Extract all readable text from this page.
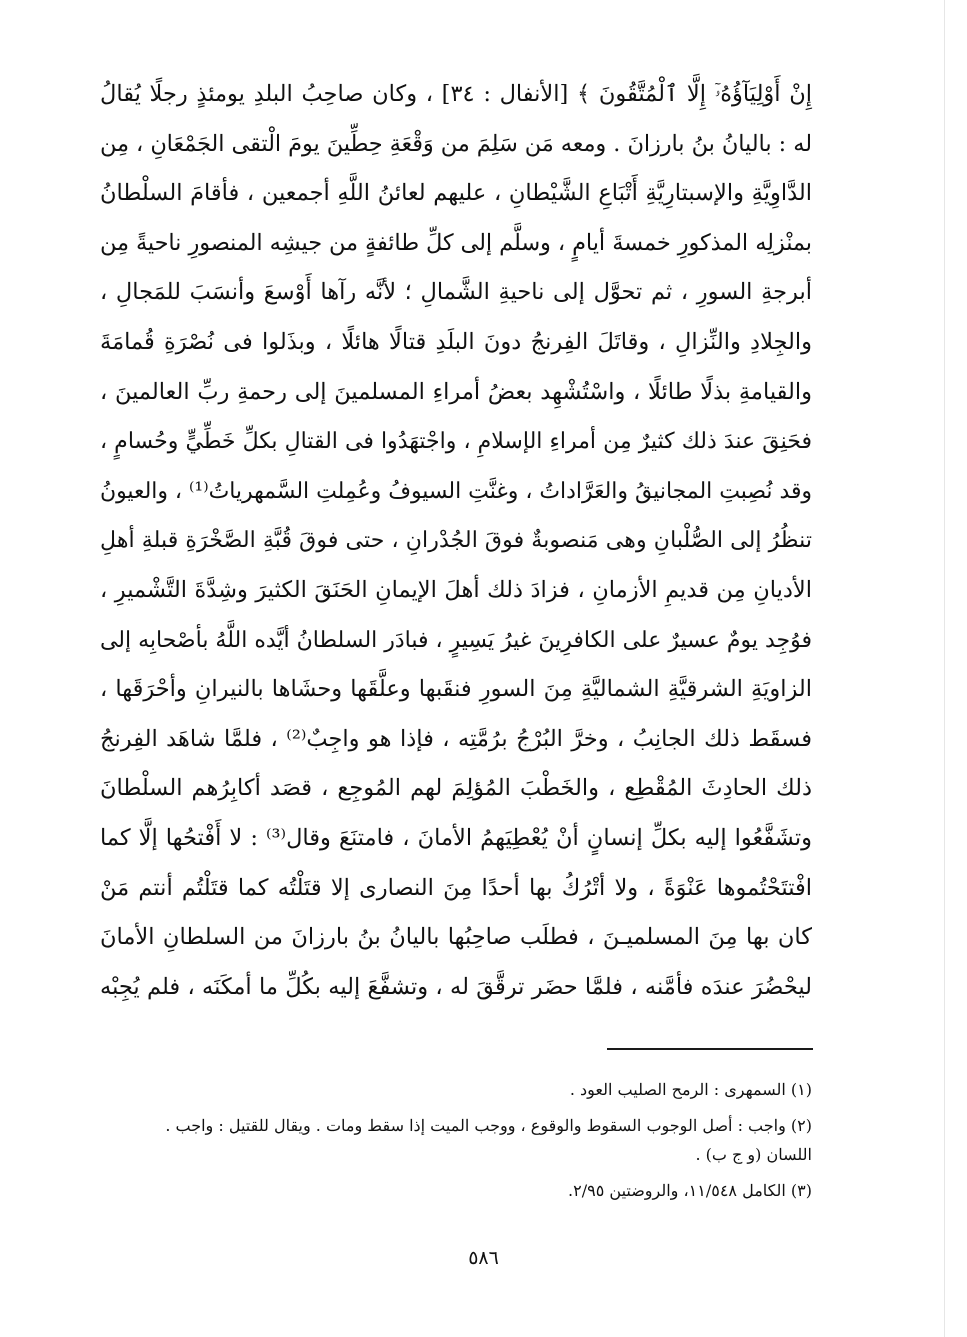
إِنْ أَوْلِيَآؤُهُۥٓ إِلَّا ٱلْمُتَّقُونَ ﴾ [الأنفال : ٣٤] ، وكان صاحِبُ البلدِ يومئذٍ رجلًا يُقالُ
له : باليانُ بنُ بارزانَ . ومعه مَن سَلِمَ من وَقْعَةِ حِطِّينَ يومَ الْتقى الجَمْعَانِ ، مِن
الدَّاوِيَّةِ والإسبتارِيَّةِ أَتْبَاعِ الشَّيْطانِ ، عليهم لعائنُ اللَّهِ أجمعين ، فأقامَ السلْطانُ
بمنْزلِه المذكورِ خمسةَ أيامٍ ، وسلَّم إلى كلِّ طائفةٍ من جيشِه المنصورِ ناحيةً مِن
أبرجةِ السورِ ، ثم تحوَّل إلى ناحيةِ الشَّمالِ ؛ لأنَّه رآها أَوْسعَ وأنسَبَ للمَجالِ ،
والجِلادِ والنِّزالِ ، وقاتَلَ الفِرنجُ دونَ البلَدِ قتالًا هائلًا ، وبذَلوا فى نُصْرَةِ قُمامَةَ
والقيامةِ بذلًا طائلًا ، واسْتُشْهِد بعضُ أمراءِ المسلمينَ إلى رحمةِ ربِّ العالمينَ ،
فحَنِقَ عندَ ذلك كثيرٌ مِن أمراءِ الإسلامِ ، واجْتهَدُوا فى القتالِ بكلِّ خَطِّيٍّ وحُسامٍ ،
وقد نُصِبتِ المجانيقُ والعَرَّاداتُ ، وغنَّتِ السيوفُ وعُمِلتِ السَّمهرياتُ⁽¹⁾ ، والعيونُ
تنظُرُ إلى الصُّلْبانِ وهى مَنصوبةٌ فوقَ الجُدْرانِ ، حتى فوقَ قُبَّةِ الصَّخْرَةِ قبلةِ أهلِ
الأديانِ مِن قديمِ الأزمانِ ، فزادَ ذلك أهلَ الإيمانِ الحَنَقَ الكثيرَ وشِدَّةَ التَّشْميرِ ،
فوُجِد يومٌ عسيرٌ على الكافرِينَ غيرُ يَسِيرٍ ، فبادَر السلطانُ أيَّده اللَّهُ بأصْحابِه إلى
الزاويَةِ الشرقيَّةِ الشماليَّةِ مِنَ السورِ فنقَبها وعلَّقَها وحشَاها بالنيرانِ وأحْرَقَها ،
فسقَط ذلك الجانِبُ ، وخرَّ البُرْجُ برُمَّتِه ، فإذا هو واجِبٌ⁽²⁾ ، فلمَّا شاهَد الفِرنجُ
ذلك الحادِثَ المُقْطِع ، والخَطْبَ المُؤلِمَ لهم المُوجِع ، قصَد أكابِرُهم السلْطانَ
وتشَفَّعُوا إليه بكلِّ إنسانٍ أنْ يُعْطِيَهمُ الأمانَ ، فامتنَعَ وقال⁽³⁾ : لا أَفْتحُها إلَّا كما
افْتتَحْتُموها عَنْوَةً ، ولا أتْرُكُ بها أحدًا مِنَ النصارى إلا قتَلْتُه كما قتَلْتُم أنتم مَنْ
كان بها مِنَ المسلميـنَ ، فطلَب صاحِبُها باليانُ بنُ بارزانَ من السلطانِ الأمانَ
ليحْضُرَ عندَه فأمَّنه ، فلمَّا حضَر ترقَّقَ له ، وتشفَّعَ إليه بكُلِّ ما أمكَنَه ، فلم يُجِبْه
(١) السمهرى : الرمح الصليب العود .
(٢) واجب : أصل الوجوب السقوط والوقوع ، ووجب الميت إذا سقط ومات . ويقال للقتيل : واجب .
اللسان (و ج ب) .
(٣) الكامل ١١/٥٤٨، والروضتين ٢/٩٥.
٥٨٦
